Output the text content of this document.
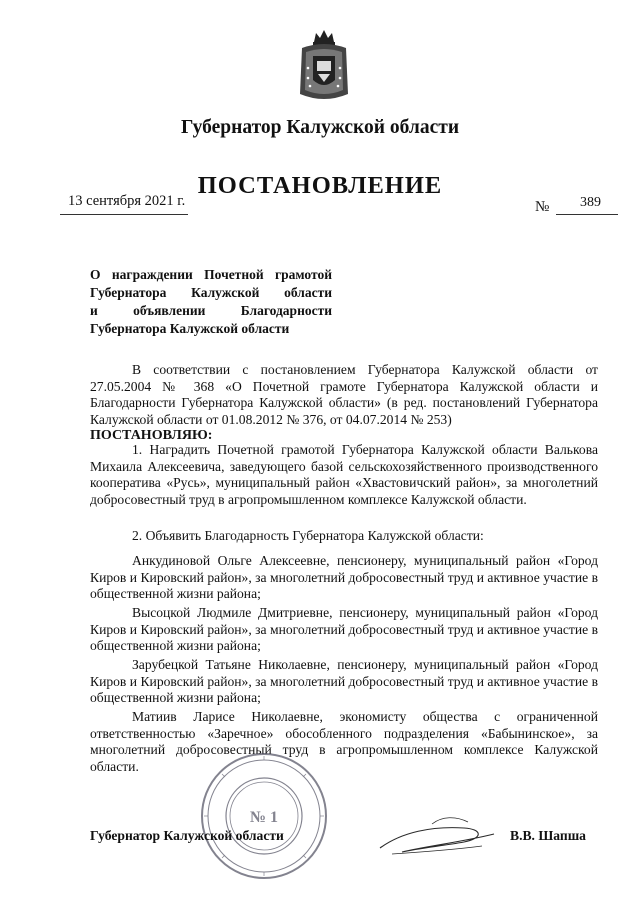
Губернатор Калужской области
ПОСТАНОВЛЕНИЕ
13 сентября 2021 г.	№ 389
О награждении Почетной грамотой
Губернатора Калужской области
и объявлении Благодарности
Губернатора Калужской области
В соответствии с постановлением Губернатора Калужской области от 27.05.2004 № 368 «О Почетной грамоте Губернатора Калужской области и Благодарности Губернатора Калужской области» (в ред. постановлений Губернатора Калужской области от 01.08.2012 № 376, от 04.07.2014 № 253)
ПОСТАНОВЛЯЮ:
1. Наградить Почетной грамотой Губернатора Калужской области Валькова Михаила Алексеевича, заведующего базой сельскохозяйственного производственного кооператива «Русь», муниципальный район «Хвастовичский район», за многолетний добросовестный труд в агропромышленном комплексе Калужской области.
2. Объявить Благодарность Губернатора Калужской области:
Анкудиновой Ольге Алексеевне, пенсионеру, муниципальный район «Город Киров и Кировский район», за многолетний добросовестный труд и активное участие в общественной жизни района;
Высоцкой Людмиле Дмитриевне, пенсионеру, муниципальный район «Город Киров и Кировский район», за многолетний добросовестный труд и активное участие в общественной жизни района;
Зарубецкой Татьяне Николаевне, пенсионеру, муниципальный район «Город Киров и Кировский район», за многолетний добросовестный труд и активное участие в общественной жизни района;
Матиив Ларисе Николаевне, экономисту общества с ограниченной ответственностью «Заречное» обособленного подразделения «Бабынинское», за многолетний добросовестный труд в агропромышленном комплексе Калужской области.
№ 1
Губернатор Калужской области	В.В. Шапша
